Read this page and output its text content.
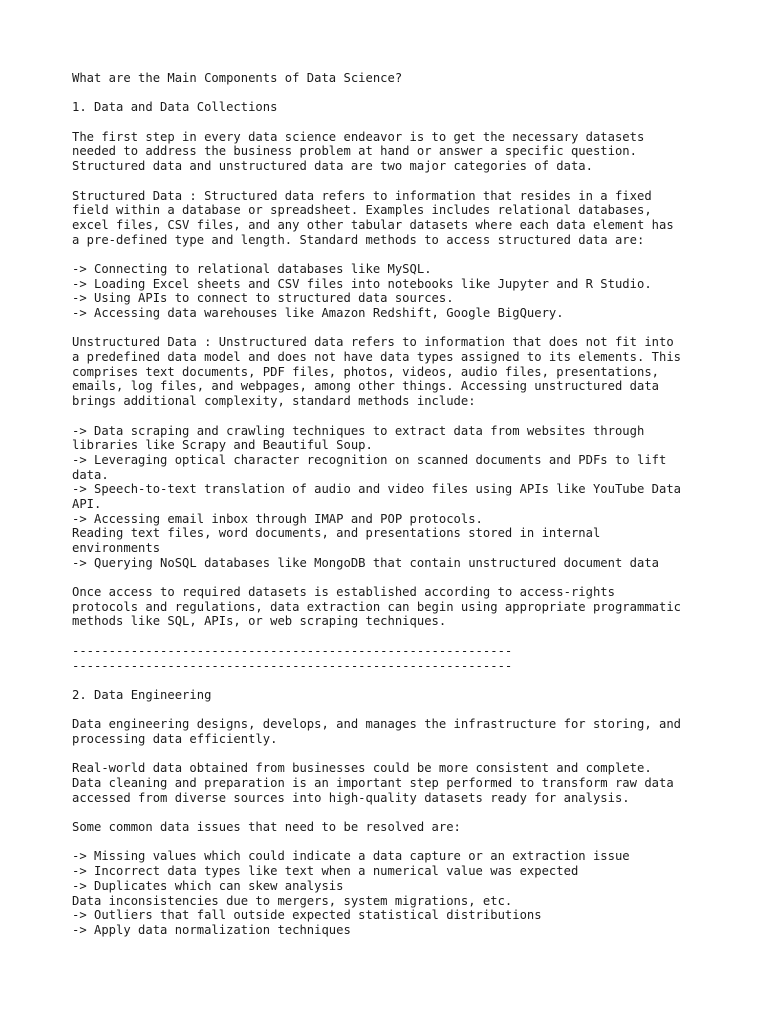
What are the Main Components of Data Science?
1. Data and Data Collections
The first step in every data science endeavor is to get the necessary datasets
needed to address the business problem at hand or answer a specific question.
Structured data and unstructured data are two major categories of data.
Structured Data : Structured data refers to information that resides in a fixed
field within a database or spreadsheet. Examples includes relational databases,
excel files, CSV files, and any other tabular datasets where each data element has
a pre-defined type and length. Standard methods to access structured data are:
-> Connecting to relational databases like MySQL.
-> Loading Excel sheets and CSV files into notebooks like Jupyter and R Studio.
-> Using APIs to connect to structured data sources.
-> Accessing data warehouses like Amazon Redshift, Google BigQuery.
Unstructured Data : Unstructured data refers to information that does not fit into
a predefined data model and does not have data types assigned to its elements. This
comprises text documents, PDF files, photos, videos, audio files, presentations,
emails, log files, and webpages, among other things. Accessing unstructured data
brings additional complexity, standard methods include:
-> Data scraping and crawling techniques to extract data from websites through
libraries like Scrapy and Beautiful Soup.
-> Leveraging optical character recognition on scanned documents and PDFs to lift
data.
-> Speech-to-text translation of audio and video files using APIs like YouTube Data
API.
-> Accessing email inbox through IMAP and POP protocols.
Reading text files, word documents, and presentations stored in internal
environments
-> Querying NoSQL databases like MongoDB that contain unstructured document data
Once access to required datasets is established according to access-rights
protocols and regulations, data extraction can begin using appropriate programmatic
methods like SQL, APIs, or web scraping techniques.
------------------------------------------------------------
------------------------------------------------------------
2. Data Engineering
Data engineering designs, develops, and manages the infrastructure for storing, and
processing data efficiently.
Real-world data obtained from businesses could be more consistent and complete.
Data cleaning and preparation is an important step performed to transform raw data
accessed from diverse sources into high-quality datasets ready for analysis.
Some common data issues that need to be resolved are:
-> Missing values which could indicate a data capture or an extraction issue
-> Incorrect data types like text when a numerical value was expected
-> Duplicates which can skew analysis
Data inconsistencies due to mergers, system migrations, etc.
-> Outliers that fall outside expected statistical distributions
-> Apply data normalization techniques
